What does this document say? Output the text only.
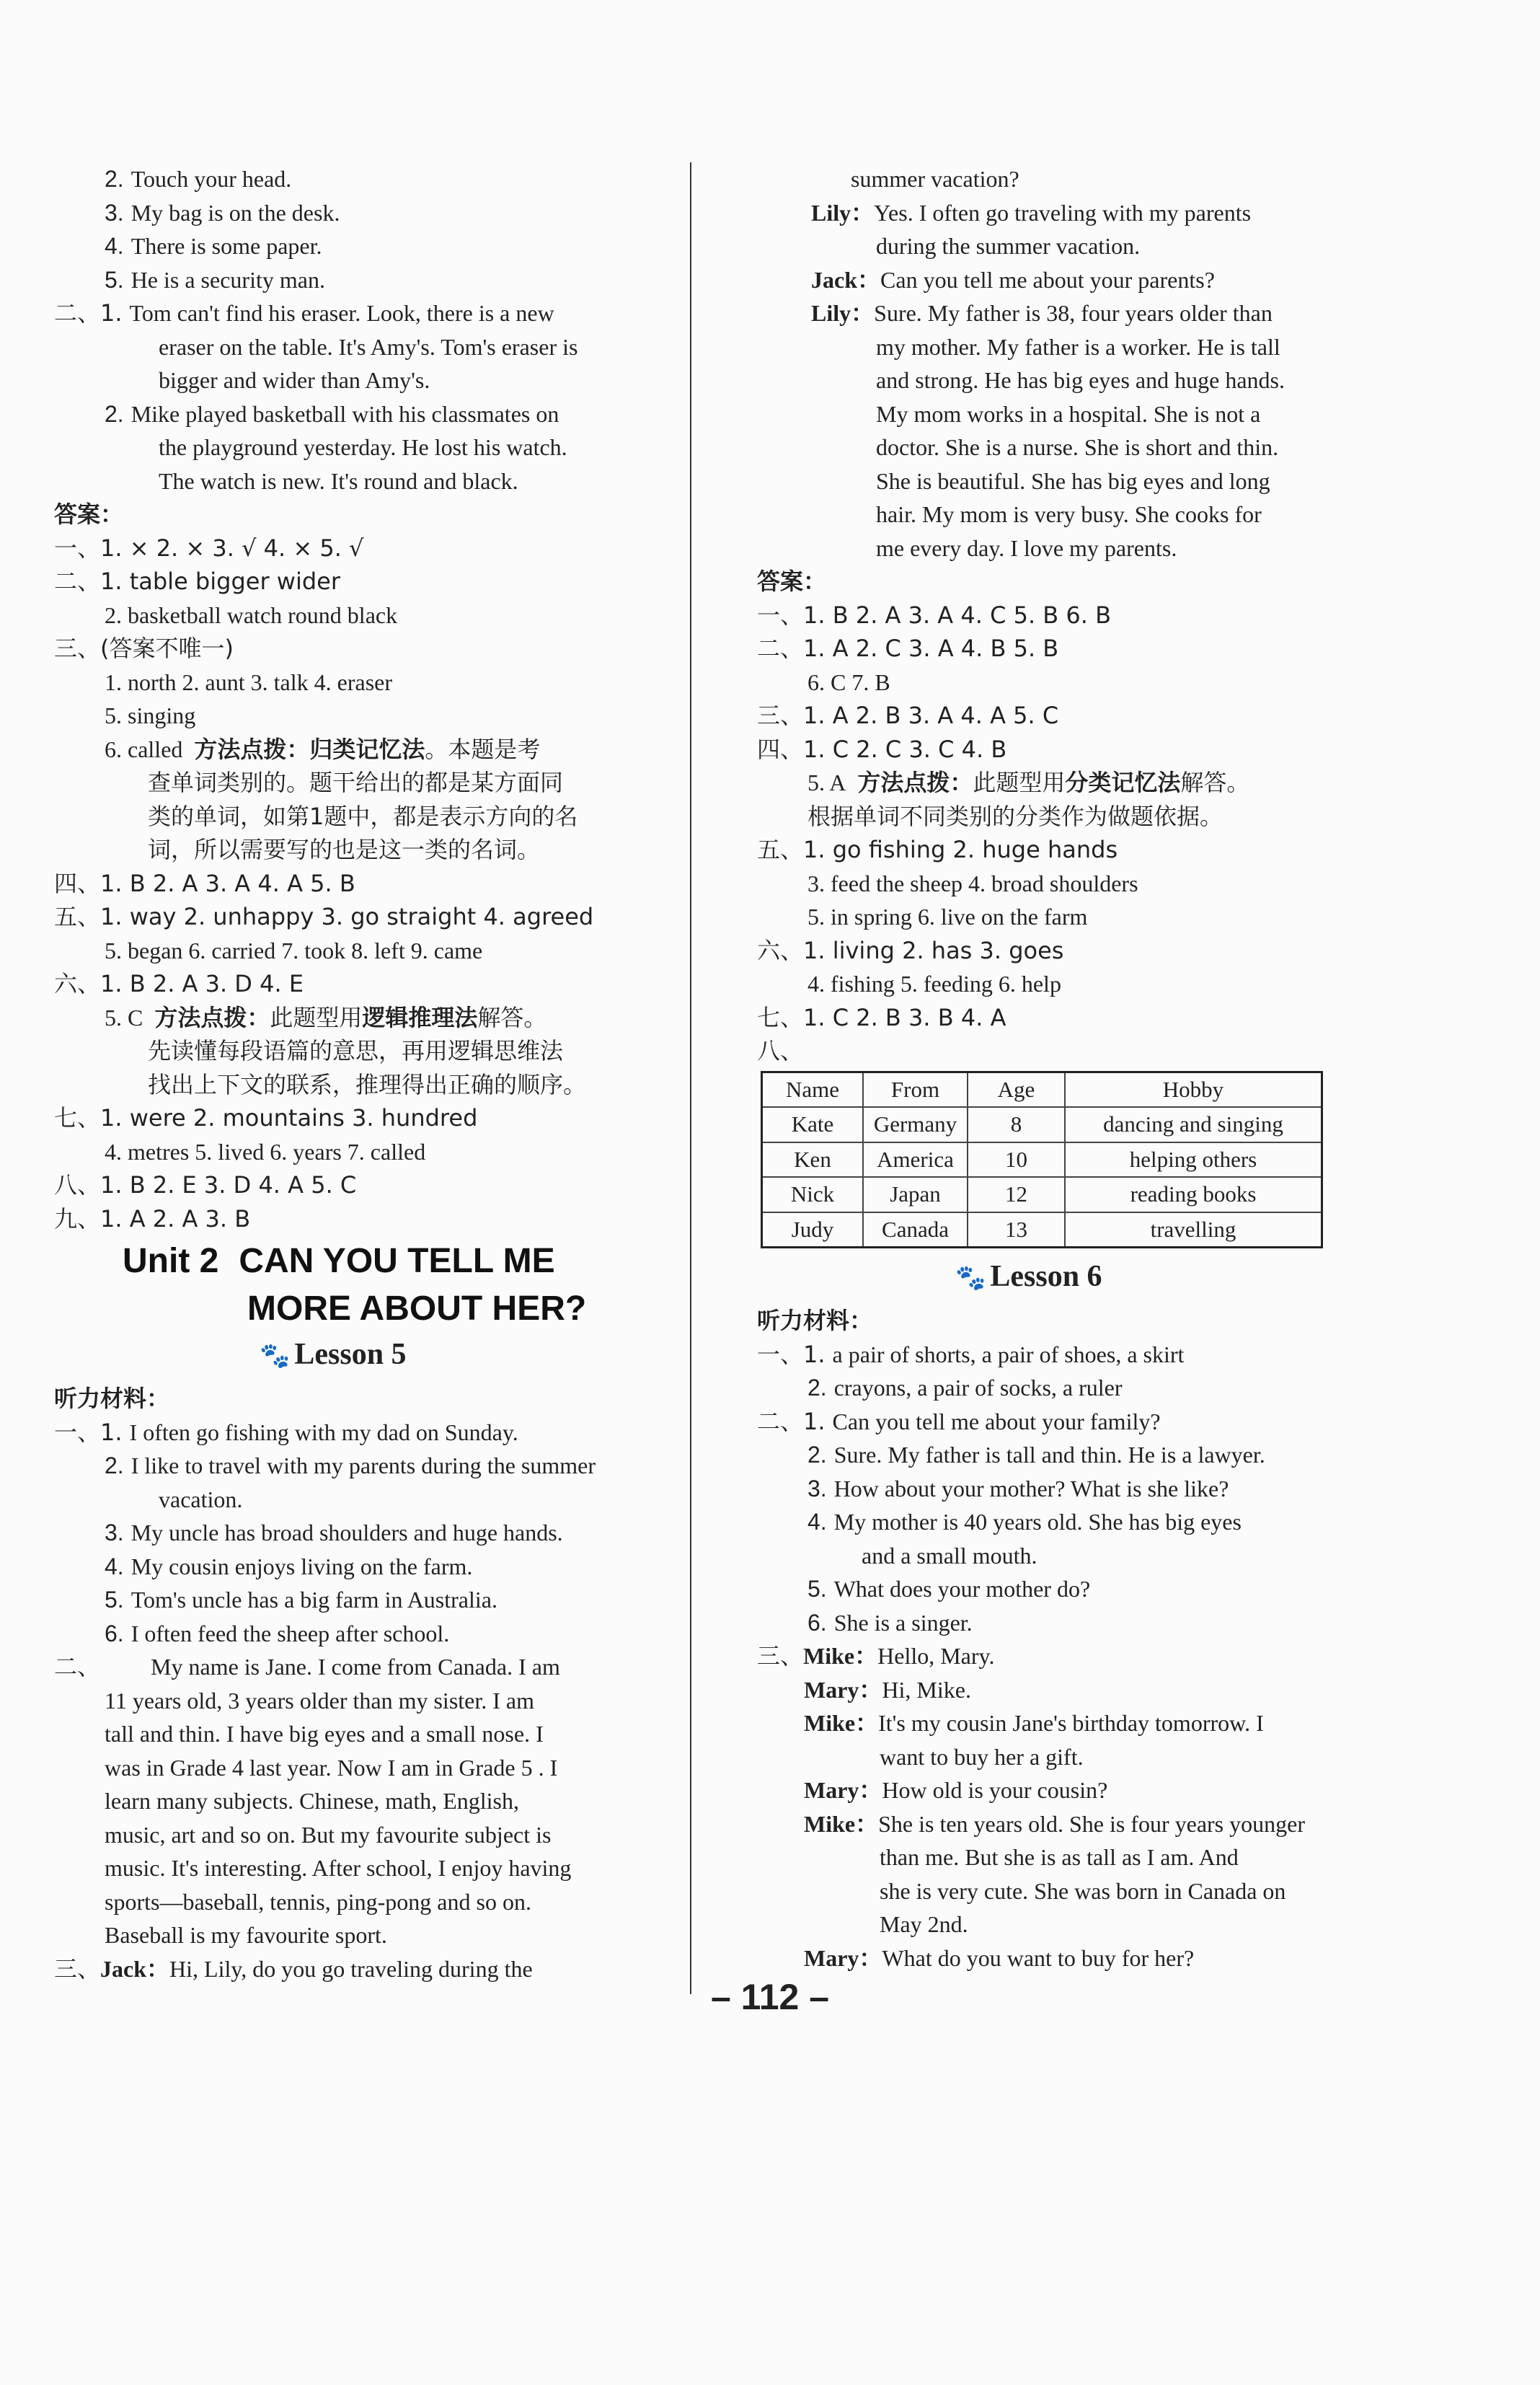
2. Touch your head.
3. My bag is on the desk.
4. There is some paper.
5. He is a security man.
二、1. Tom can't find his eraser. Look, there is a new
eraser on the table. It's Amy's. Tom's eraser is
bigger and wider than Amy's.
2. Mike played basketball with his classmates on
the playground yesterday. He lost his watch.
The watch is new. It's round and black.
答案：
一、1. × 2. × 3. √ 4. × 5. √
二、1. table bigger wider
2. basketball watch round black
三、(答案不唯一)
1. north 2. aunt 3. talk 4. eraser
5. singing
6. called 方法点拨：归类记忆法。本题是考
查单词类别的。题干给出的都是某方面同
类的单词，如第1题中，都是表示方向的名
词，所以需要写的也是这一类的名词。
四、1. B 2. A 3. A 4. A 5. B
五、1. way 2. unhappy 3. go straight 4. agreed
5. began 6. carried 7. took 8. left 9. came
六、1. B 2. A 3. D 4. E
5. C 方法点拨：此题型用逻辑推理法解答。
先读懂每段语篇的意思，再用逻辑思维法
找出上下文的联系，推理得出正确的顺序。
七、1. were 2. mountains 3. hundred
4. metres 5. lived 6. years 7. called
八、1. B 2. E 3. D 4. A 5. C
九、1. A 2. A 3. B
Unit 2 CAN YOU TELL ME
MORE ABOUT HER?
🐾 Lesson 5
听力材料：
一、1. I often go fishing with my dad on Sunday.
2. I like to travel with my parents during the summer
vacation.
3. My uncle has broad shoulders and huge hands.
4. My cousin enjoys living on the farm.
5. Tom's uncle has a big farm in Australia.
6. I often feed the sheep after school.
二、 My name is Jane. I come from Canada. I am
11 years old, 3 years older than my sister. I am
tall and thin. I have big eyes and a small nose. I
was in Grade 4 last year. Now I am in Grade 5 . I
learn many subjects. Chinese, math, English,
music, art and so on. But my favourite subject is
music. It's interesting. After school, I enjoy having
sports—baseball, tennis, ping-pong and so on.
Baseball is my favourite sport.
三、Jack：Hi, Lily, do you go traveling during the
summer vacation?
Lily：Yes. I often go traveling with my parents
during the summer vacation.
Jack：Can you tell me about your parents?
Lily：Sure. My father is 38, four years older than
my mother. My father is a worker. He is tall
and strong. He has big eyes and huge hands.
My mom works in a hospital. She is not a
doctor. She is a nurse. She is short and thin.
She is beautiful. She has big eyes and long
hair. My mom is very busy. She cooks for
me every day. I love my parents.
答案：
一、1. B 2. A 3. A 4. C 5. B 6. B
二、1. A 2. C 3. A 4. B 5. B
6. C 7. B
三、1. A 2. B 3. A 4. A 5. C
四、1. C 2. C 3. C 4. B
5. A 方法点拨：此题型用分类记忆法解答。
根据单词不同类别的分类作为做题依据。
五、1. go fishing 2. huge hands
3. feed the sheep 4. broad shoulders
5. in spring 6. live on the farm
六、1. living 2. has 3. goes
4. fishing 5. feeding 6. help
七、1. C 2. B 3. B 4. A
八、
Name	From	Age	Hobby
Kate	Germany	8	dancing and singing
Ken	America	10	helping others
Nick	Japan	12	reading books
Judy	Canada	13	travelling
🐾 Lesson 6
听力材料：
一、1. a pair of shorts, a pair of shoes, a skirt
2. crayons, a pair of socks, a ruler
二、1. Can you tell me about your family?
2. Sure. My father is tall and thin. He is a lawyer.
3. How about your mother? What is she like?
4. My mother is 40 years old. She has big eyes
and a small mouth.
5. What does your mother do?
6. She is a singer.
三、Mike：Hello, Mary.
Mary：Hi, Mike.
Mike：It's my cousin Jane's birthday tomorrow. I
want to buy her a gift.
Mary：How old is your cousin?
Mike：She is ten years old. She is four years younger
than me. But she is as tall as I am. And
she is very cute. She was born in Canada on
May 2nd.
Mary：What do you want to buy for her?
– 112 –
